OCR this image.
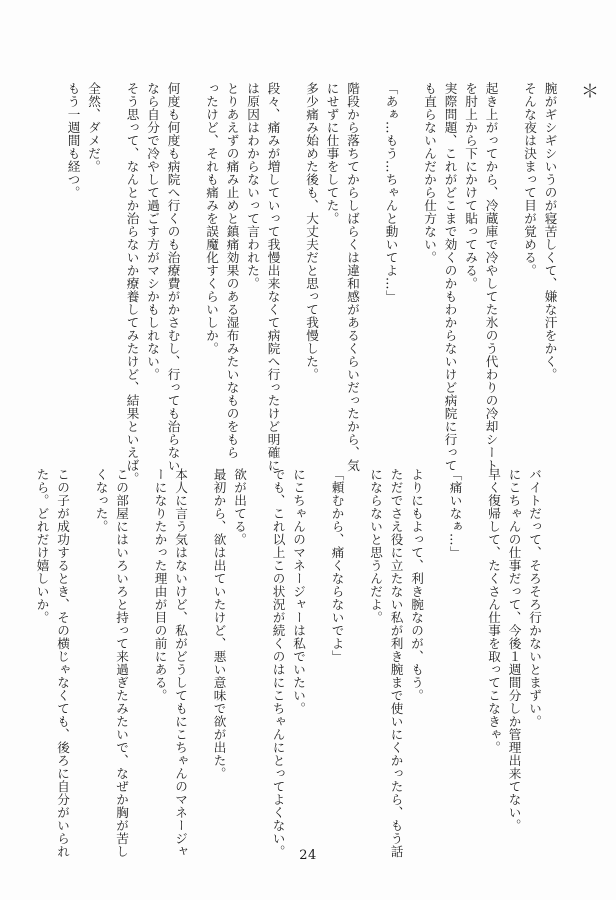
＊
腕がギシギシいうのが寝苦しくて、嫌な汗をかく。
そんな夜は決まって目が覚める。
起き上がってから、冷蔵庫で冷やしてた氷のう代わりの冷却シート
を肘上から下にかけて貼ってみる。
実際問題、これがどこまで効くのかもわからないけど病院に行って
も直らないんだから仕方ない。
「あぁ…もう…ちゃんと動いてよ…」
階段から落ちてからしばらくは違和感があるくらいだったから、気
にせずに仕事をしてた。
多少痛み始めた後も、大丈夫だと思って我慢した。
段々、痛みが増していって我慢出来なくて病院へ行ったけど明確に
は原因はわからないって言われた。
とりあえずの痛み止めと鎮痛効果のある湿布みたいなものをもら
ったけど、それも痛みを誤魔化すくらいしか。
何度も何度も病院へ行くのも治療費がかさむし、行っても治らない
なら自分で冷やして過ごす方がマシかもしれない。
そう思って、なんとか治らないか療養してみたけど、結果といえば。
全然、ダメだ。
もう一週間も経つ。
バイトだって、そろそろ行かないとまずい。
にこちゃんの仕事だって、今後１週間分しか管理出来てない。
早く復帰して、たくさん仕事を取ってこなきゃ。
「痛いなぁ…」
よりにもよって、利き腕なのが、もう。
ただでさえ役に立たない私が利き腕まで使いにくかったら、もう話
にならないと思うんだよ。
「頼むから、痛くならないでよ」
にこちゃんのマネージャーは私でいたい。
でも、これ以上この状況が続くのはにこちゃんにとってよくない。
欲が出てる。
最初から、欲は出ていたけど、悪い意味で欲が出た。
本人に言う気はないけど、私がどうしてもにこちゃんのマネージャ
ーになりたかった理由が目の前にある。
この部屋にはいろいろと持って来過ぎたみたいで、なぜか胸が苦し
くなった。
この子が成功するとき、その横じゃなくても、後ろに自分がいられ
たら。どれだけ嬉しいか。
24
